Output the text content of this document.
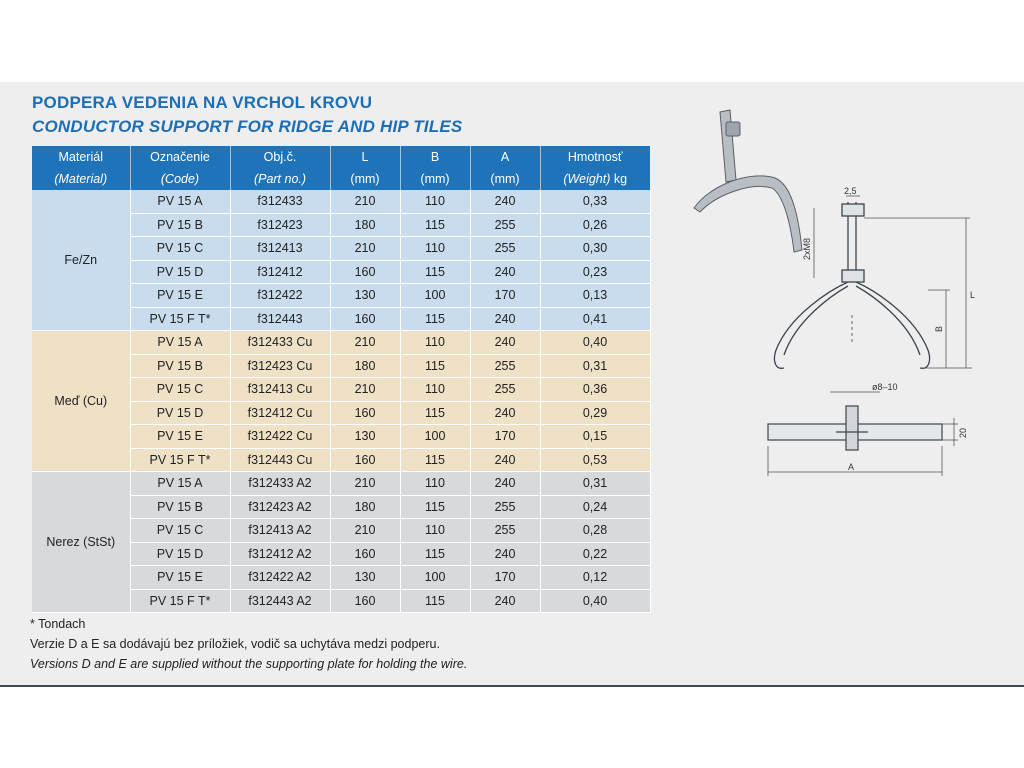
PODPERA VEDENIA NA VRCHOL KROVU
CONDUCTOR SUPPORT FOR RIDGE AND HIP TILES
Materiál	Označenie	Obj.č.	L	B	A	Hmotnosť
(Material)	(Code)	(Part no.)	(mm)	(mm)	(mm)	(Weight) kg
Fe/Zn	PV 15 A	f312433	210	110	240	0,33
	PV 15 B	f312423	180	115	255	0,26
	PV 15 C	f312413	210	110	255	0,30
	PV 15 D	f312412	160	115	240	0,23
	PV 15 E	f312422	130	100	170	0,13
	PV 15 F T*	f312443	160	115	240	0,41
Meď (Cu)	PV 15 A	f312433 Cu	210	110	240	0,40
	PV 15 B	f312423 Cu	180	115	255	0,31
	PV 15 C	f312413 Cu	210	110	255	0,36
	PV 15 D	f312412 Cu	160	115	240	0,29
	PV 15 E	f312422 Cu	130	100	170	0,15
	PV 15 F T*	f312443 Cu	160	115	240	0,53
Nerez (StSt)	PV 15 A	f312433 A2	210	110	240	0,31
	PV 15 B	f312423 A2	180	115	255	0,24
	PV 15 C	f312413 A2	210	110	255	0,28
	PV 15 D	f312412 A2	160	115	240	0,22
	PV 15 E	f312422 A2	130	100	170	0,12
	PV 15 F T*	f312443 A2	160	115	240	0,40
* Tondach
Verzie D a E sa dodávajú bez príložiek, vodič sa uchytáva medzi podperu.
Versions D and E are supplied without the supporting plate for holding the wire.
2,5
2xM8
L
B
ø8–10
20
A
